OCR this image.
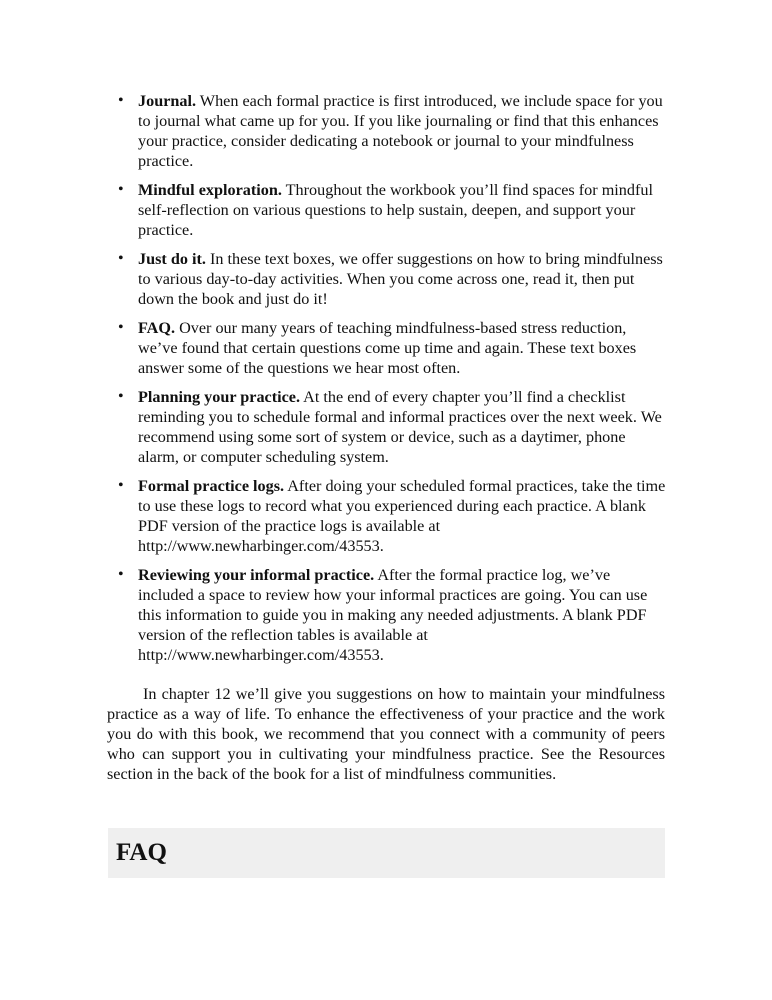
• Journal. When each formal practice is first introduced, we include space for you to journal what came up for you. If you like journaling or find that this enhances your practice, consider dedicating a notebook or journal to your mindfulness practice.
• Mindful exploration. Throughout the workbook you’ll find spaces for mindful self-reflection on various questions to help sustain, deepen, and support your practice.
• Just do it. In these text boxes, we offer suggestions on how to bring mindfulness to various day-to-day activities. When you come across one, read it, then put down the book and just do it!
• FAQ. Over our many years of teaching mindfulness-based stress reduction, we’ve found that certain questions come up time and again. These text boxes answer some of the questions we hear most often.
• Planning your practice. At the end of every chapter you’ll find a checklist reminding you to schedule formal and informal practices over the next week. We recommend using some sort of system or device, such as a daytimer, phone alarm, or computer scheduling system.
• Formal practice logs. After doing your scheduled formal practices, take the time to use these logs to record what you experienced during each practice. A blank PDF version of the practice logs is available at http://www.newharbinger.com/43553.
• Reviewing your informal practice. After the formal practice log, we’ve included a space to review how your informal practices are going. You can use this information to guide you in making any needed adjustments. A blank PDF version of the reflection tables is available at http://www.newharbinger.com/43553.

In chapter 12 we’ll give you suggestions on how to maintain your mindfulness practice as a way of life. To enhance the effectiveness of your practice and the work you do with this book, we recommend that you connect with a community of peers who can support you in cultivating your mindfulness practice. See the Resources section in the back of the book for a list of mindfulness communities.

FAQ
